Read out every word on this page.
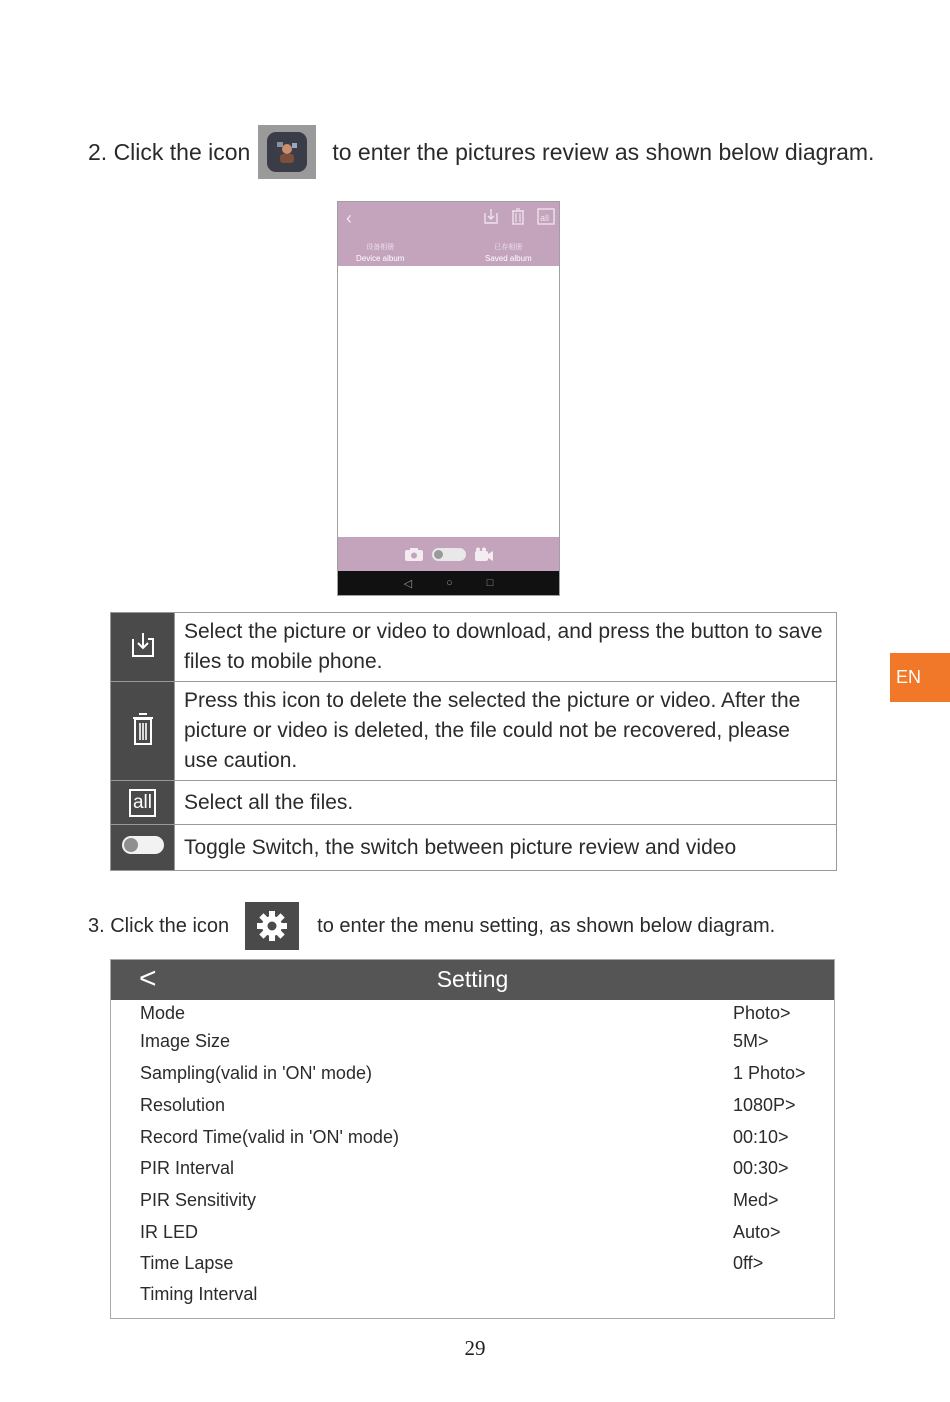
2. Click the icon	to enter the pictures review as shown below diagram.
‹	all
设备相册
Device album
已存相册
Saved album
◁	○	□
	Select the picture or video to download, and press the button to save files to mobile phone.
	Press this icon to delete the selected the picture or video. After the picture or video is deleted, the file could not be recovered, please use caution.
all	Select all the files.
	Toggle Switch, the switch between picture review and video
3. Click the icon	to enter the menu setting, as shown below diagram.
<	Setting
Mode	Photo>
Image Size	5M>
Sampling(valid in 'ON' mode)	1 Photo>
Resolution	1080P>
Record Time(valid in 'ON' mode)	00:10>
PIR Interval	00:30>
PIR Sensitivity	Med>
IR LED	Auto>
Time Lapse	0ff>
Timing Interval
EN
29
